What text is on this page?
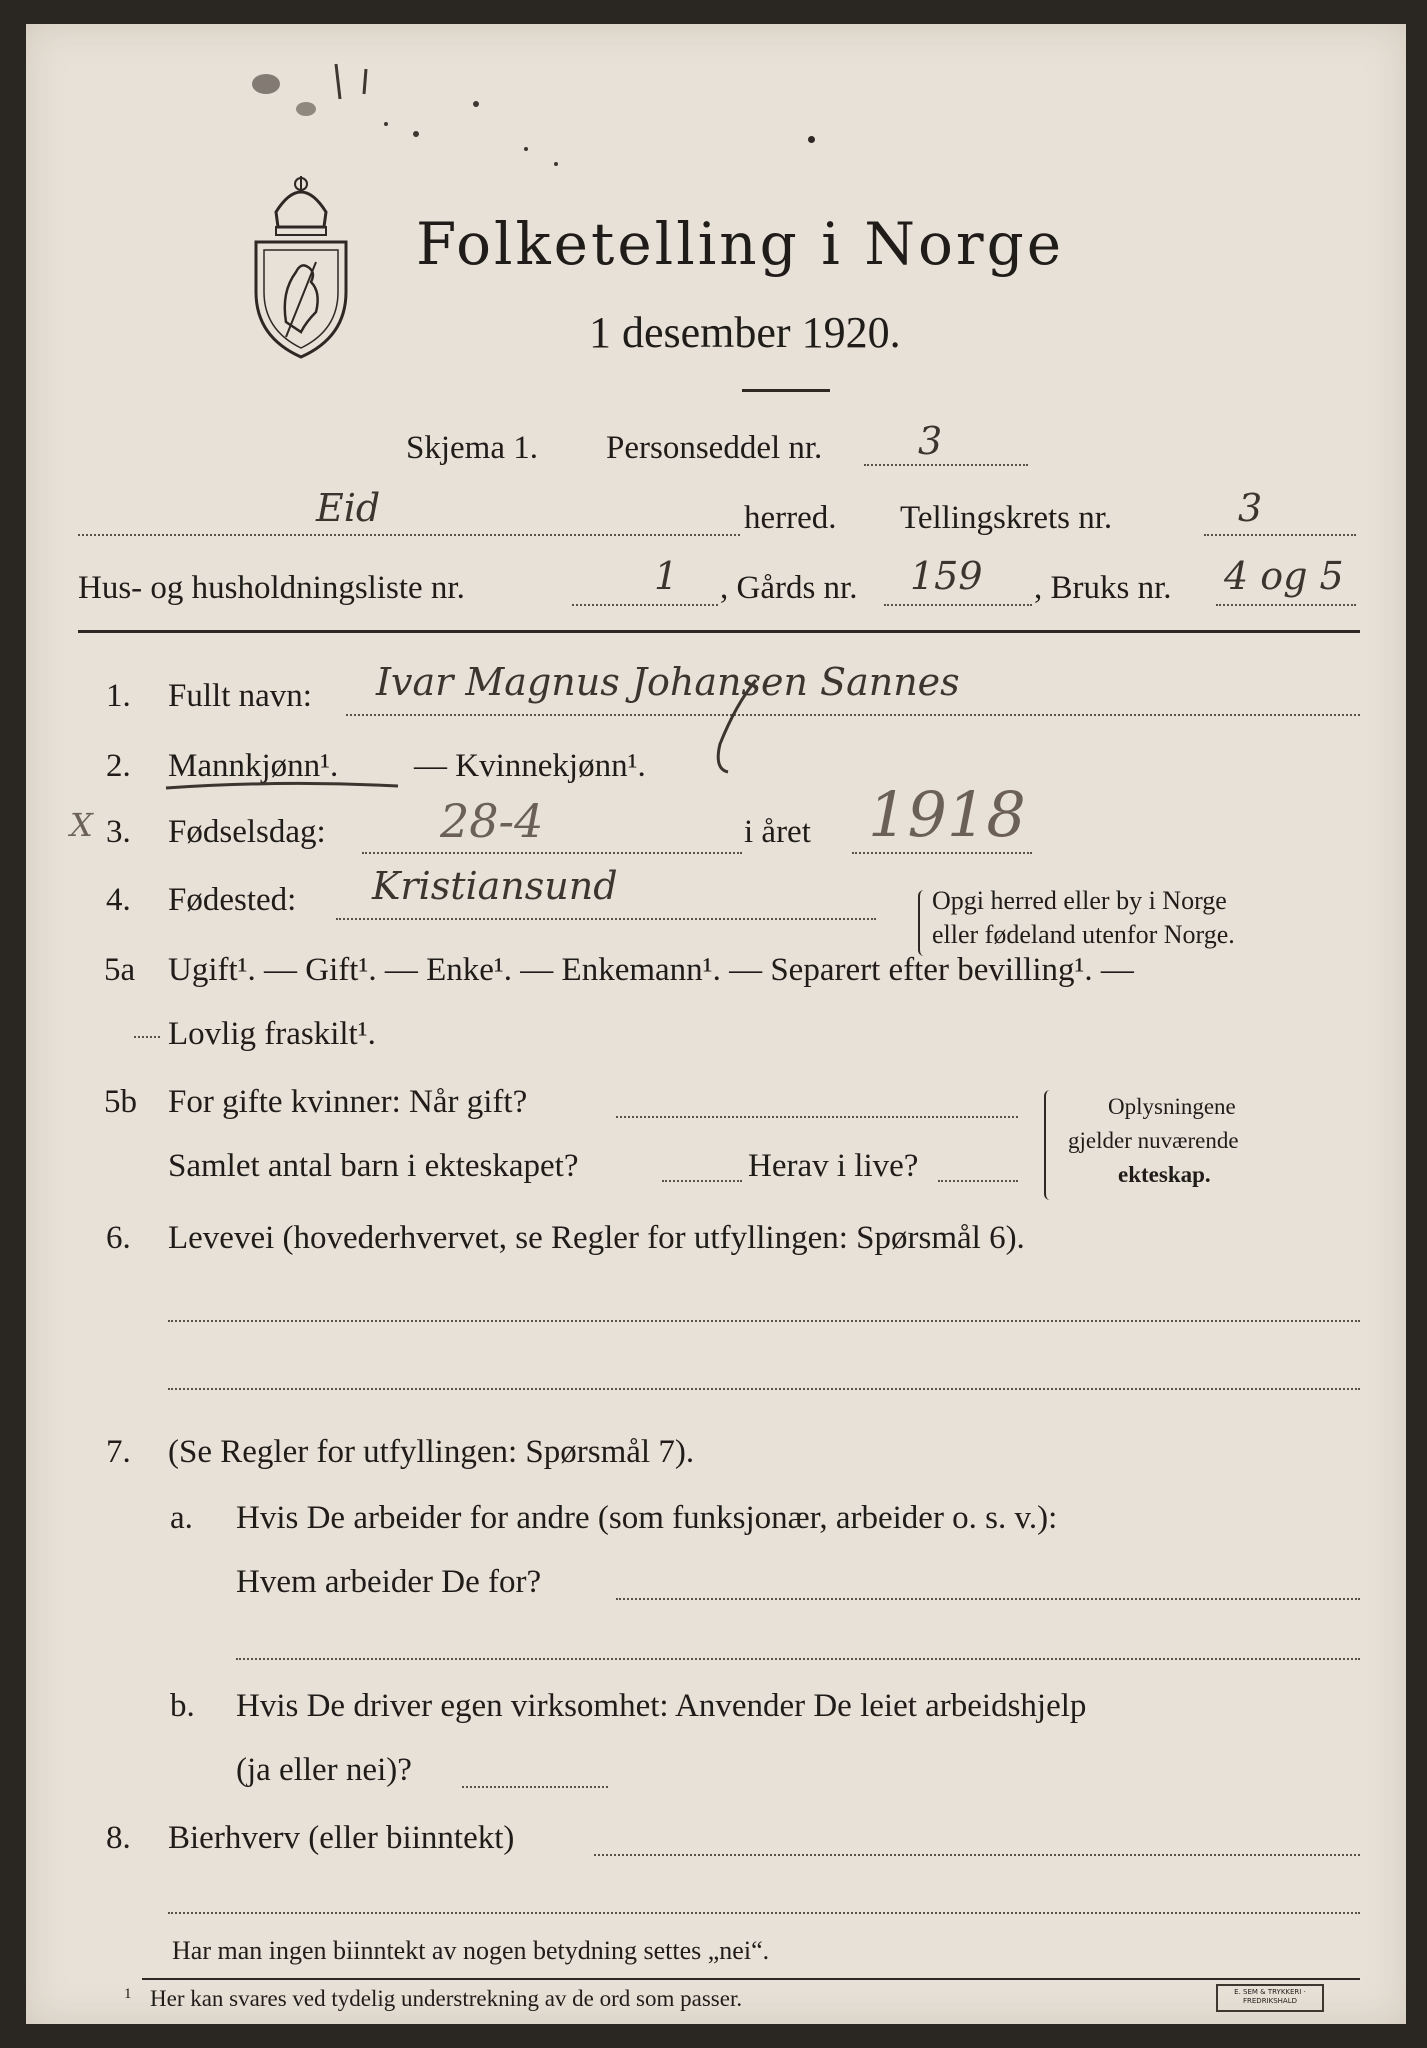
Folketelling i Norge
1 desember 1920.
Skjema 1. Personseddel nr.	3
Eid	herred. Tellingskrets nr.	3
Hus- og husholdningsliste nr.	1 , Gårds nr. 159 , Bruks nr. 4 og 5
1. Fullt navn: Ivar Magnus Johansen Sannes
2. Mannkjønn¹. — Kvinnekjønn¹.
X 3. Fødselsdag: 28-4	i året 1918
4. Fødested: Kristiansund	Opgi herred eller by i Norge
eller fødeland utenfor Norge.
5a Ugift¹. — Gift¹. — Enke¹. — Enkemann¹. — Separert efter bevilling¹. —
Lovlig fraskilt¹.
5b For gifte kvinner: Når gift?
Samlet antal barn i ekteskapet?	Herav i live?
Oplysningene
gjelder nuværende
ekteskap.
6. Levevei (hovederhvervet, se Regler for utfyllingen: Spørsmål 6).
7. (Se Regler for utfyllingen: Spørsmål 7).
a. Hvis De arbeider for andre (som funksjonær, arbeider o. s. v.):
Hvem arbeider De for?
b. Hvis De driver egen virksomhet: Anvender De leiet arbeidshjelp
(ja eller nei)?
8. Bierhverv (eller biinntekt)
Har man ingen biinntekt av nogen betydning settes „nei“.
1 Her kan svares ved tydelig understrekning av de ord som passer.	E. SEM & TRYKKERI · FREDRIKSHALD
